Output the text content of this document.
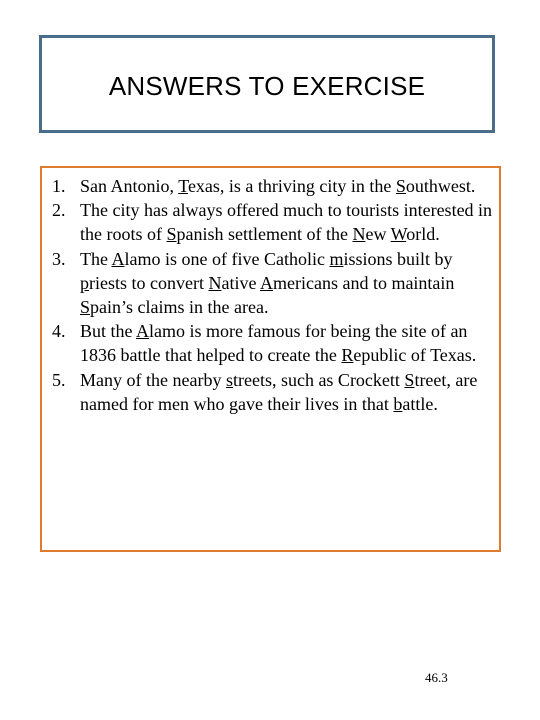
ANSWERS TO EXERCISE
1. San Antonio, Texas, is a thriving city in the Southwest.
2. The city has always offered much to tourists interested in the roots of Spanish settlement of the New World.
3. The Alamo is one of five Catholic missions built by priests to convert Native Americans and to maintain Spain’s claims in the area.
4. But the Alamo is more famous for being the site of an 1836 battle that helped to create the Republic of Texas.
5. Many of the nearby streets, such as Crockett Street, are named for men who gave their lives in that battle.
46.3
